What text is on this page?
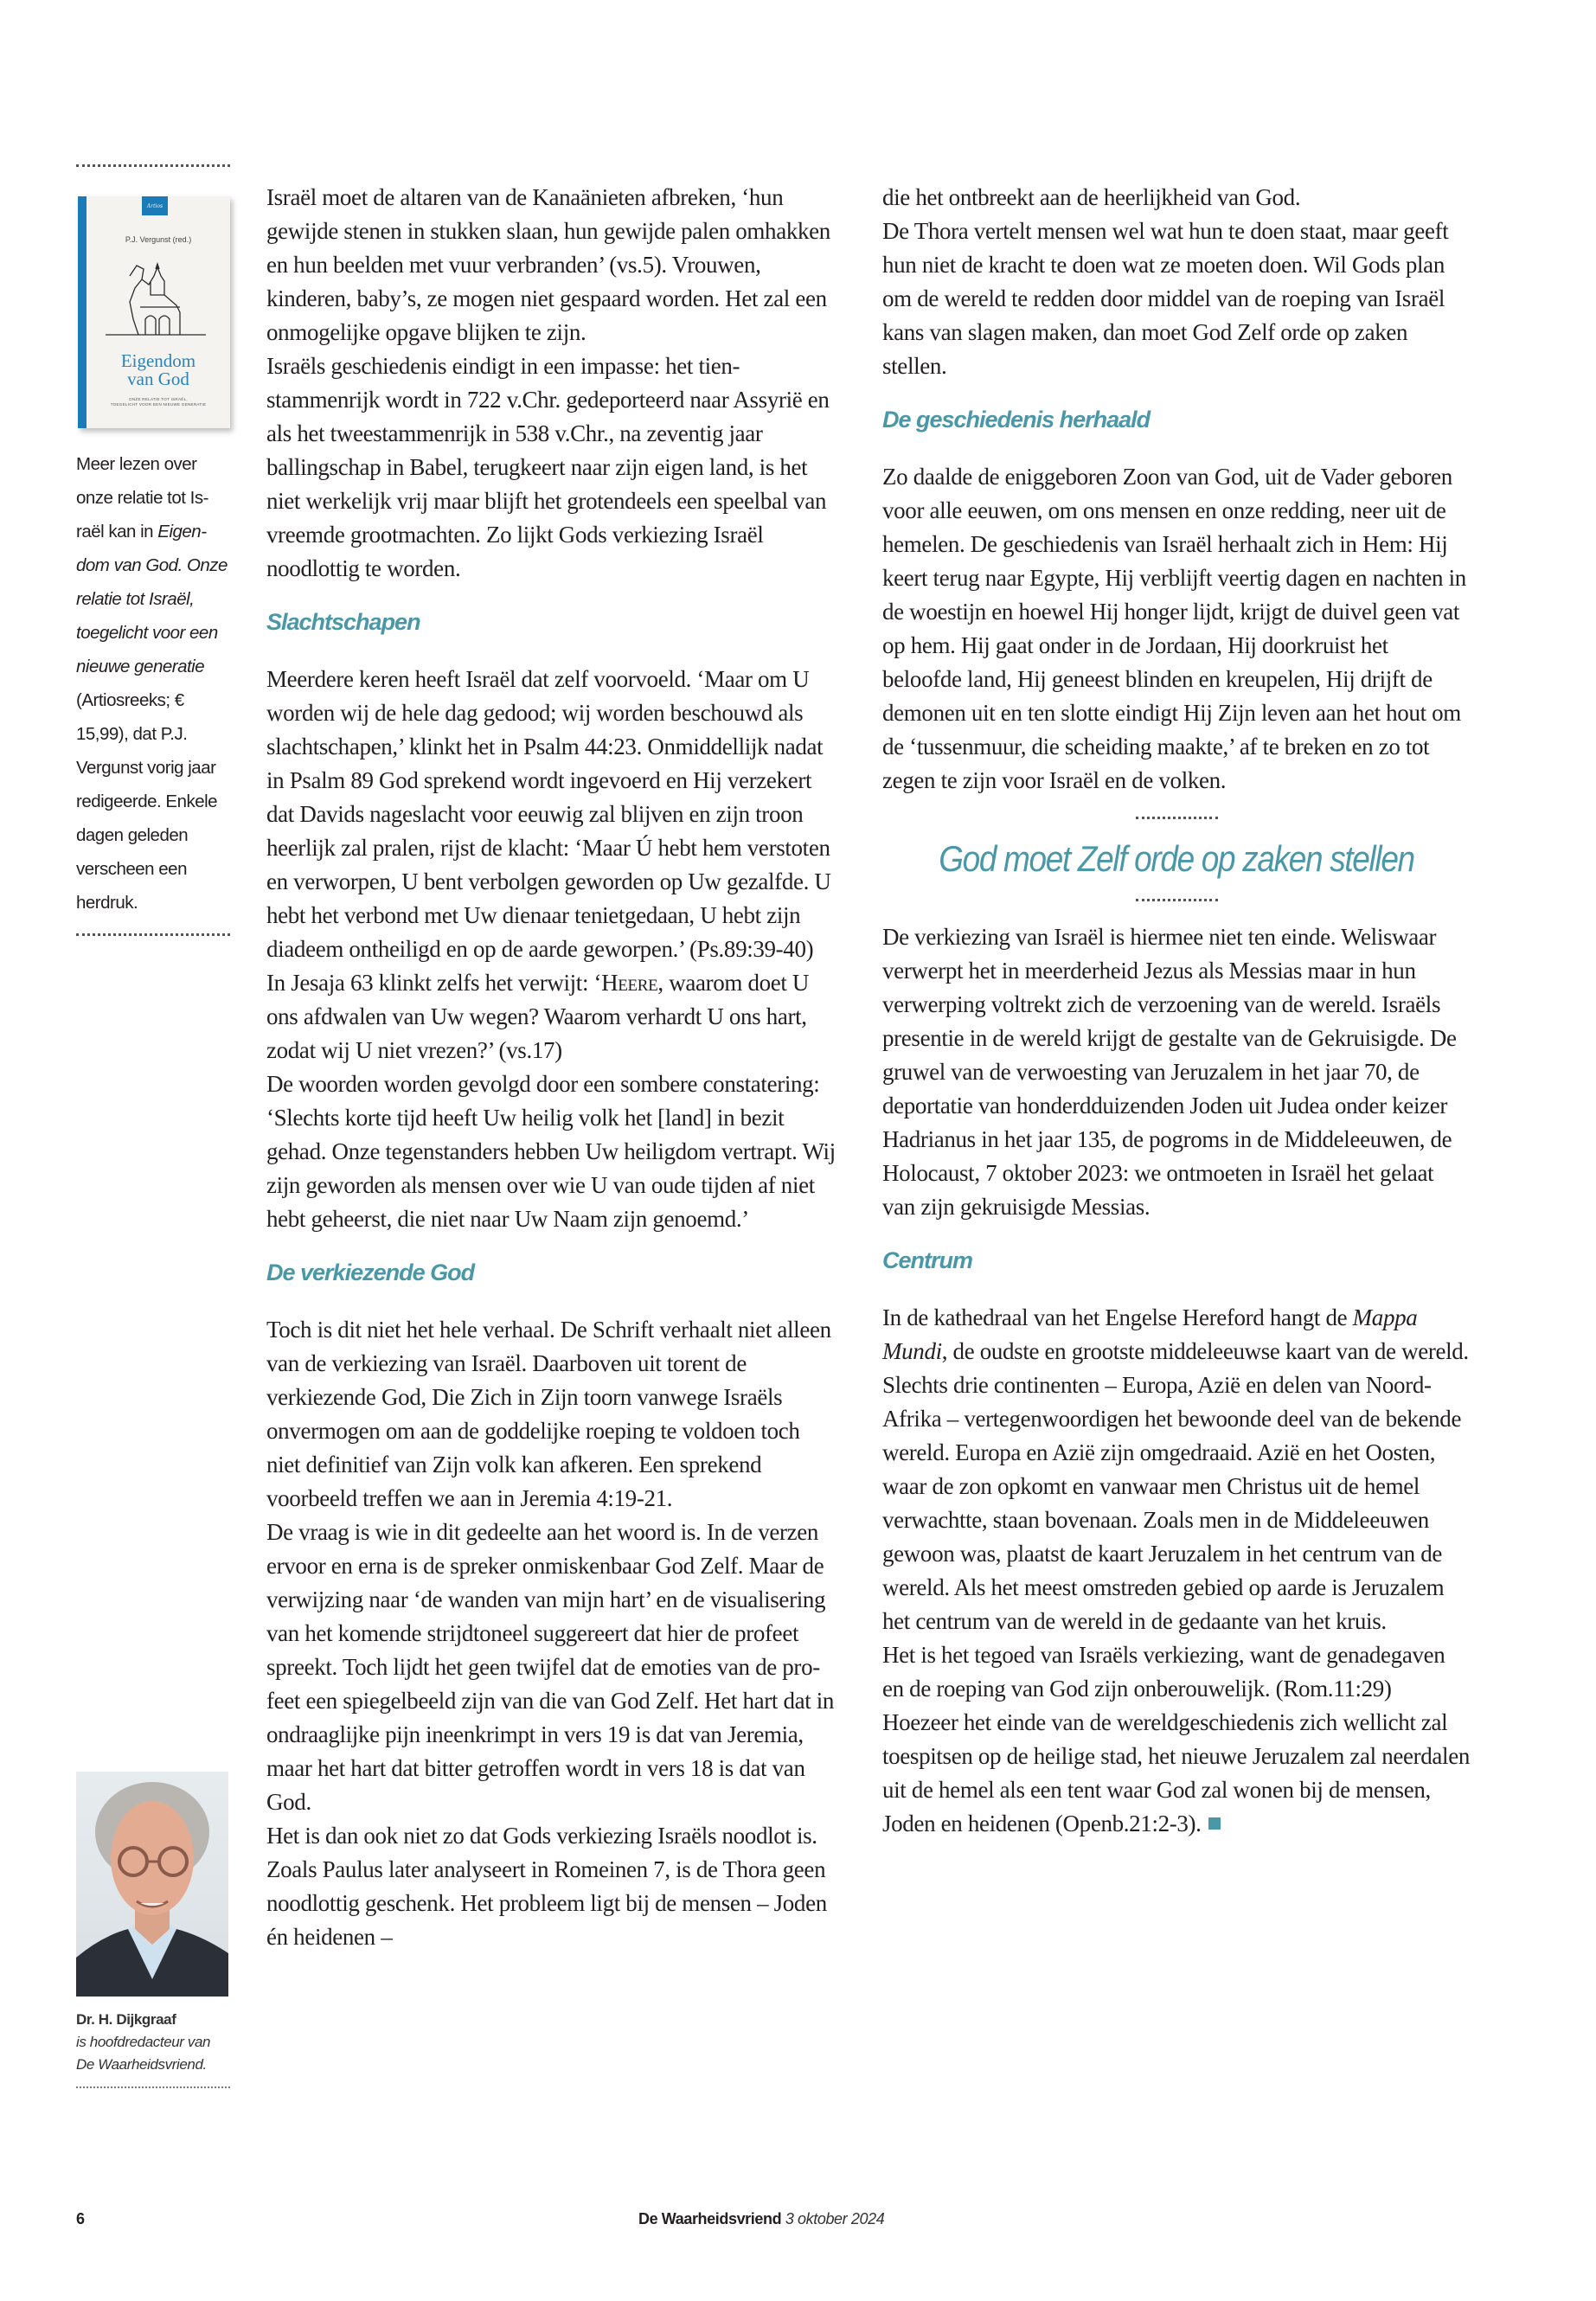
Artios
P.J. Vergunst (red.)
Eigendom
van God
ONZE RELATIE TOT ISRAËL,
TOEGELICHT VOOR EEN NIEUWE GENERATIE
Meer lezen over onze relatie tot Israël kan in Eigendom van God. Onze relatie tot Israël, toegelicht voor een nieuwe generatie (Artiosreeks; € 15,99), dat P.J. Vergunst vorig jaar redigeerde. Enkele dagen geleden verscheen een herdruk.
Dr. H. Dijkgraaf
is hoofdredacteur van De Waarheidsvriend.

Israël moet de altaren van de Kanaänieten afbreken, ‘hun gewijde stenen in stukken slaan, hun gewijde palen omhakken en hun beelden met vuur verbranden’ (vs.5). Vrouwen, kinderen, baby’s, ze mogen niet gespaard worden. Het zal een onmogelijke opgave blijken te zijn.

Israëls geschiedenis eindigt in een impasse: het tienstammenrijk wordt in 722 v.Chr. gedeporteerd naar Assyrië en als het tweestammenrijk in 538 v.Chr., na zeventig jaar ballingschap in Babel, terugkeert naar zijn eigen land, is het niet werkelijk vrij maar blijft het grotendeels een speelbal van vreemde grootmachten. Zo lijkt Gods verkiezing Israël noodlottig te worden.

Slachtschapen

Meerdere keren heeft Israël dat zelf voorvoeld. ‘Maar om U worden wij de hele dag gedood; wij worden beschouwd als slachtschapen,’ klinkt het in Psalm 44:23. Onmiddellijk nadat in Psalm 89 God sprekend wordt ingevoerd en Hij verzekert dat Davids nageslacht voor eeuwig zal blijven en zijn troon heerlijk zal pralen, rijst de klacht: ‘Maar Ú hebt hem verstoten en verworpen, U bent verbolgen geworden op Uw gezalfde. U hebt het verbond met Uw dienaar tenietgedaan, U hebt zijn diadeem ontheiligd en op de aarde geworpen.’ (Ps.89:39-40)

In Jesaja 63 klinkt zelfs het verwijt: ‘Heere, waarom doet U ons afdwalen van Uw wegen? Waarom verhardt U ons hart, zodat wij U niet vrezen?’ (vs.17)

De woorden worden gevolgd door een sombere constatering: ‘Slechts korte tijd heeft Uw heilig volk het [land] in bezit gehad. Onze tegenstanders hebben Uw heiligdom vertrapt. Wij zijn geworden als mensen over wie U van oude tijden af niet hebt geheerst, die niet naar Uw Naam zijn genoemd.’

De verkiezende God

Toch is dit niet het hele verhaal. De Schrift verhaalt niet alleen van de verkiezing van Israël. Daarboven uit torent de verkiezende God, Die Zich in Zijn toorn vanwege Israëls onvermogen om aan de goddelijke roeping te voldoen toch niet definitief van Zijn volk kan afkeren. Een sprekend voorbeeld treffen we aan in Jeremia 4:19-21.

De vraag is wie in dit gedeelte aan het woord is. In de verzen ervoor en erna is de spreker onmiskenbaar God Zelf. Maar de verwijzing naar ‘de wanden van mijn hart’ en de visualisering van het komende strijdtoneel suggereert dat hier de profeet spreekt. Toch lijdt het geen twijfel dat de emoties van de profeet een spiegelbeeld zijn van die van God Zelf. Het hart dat in ondraaglijke pijn ineenkrimpt in vers 19 is dat van Jeremia, maar het hart dat bitter getroffen wordt in vers 18 is dat van God.

Het is dan ook niet zo dat Gods verkiezing Israëls noodlot is. Zoals Paulus later analyseert in Romeinen 7, is de Thora geen noodlottig geschenk. Het probleem ligt bij de mensen – Joden én heidenen –

die het ontbreekt aan de heerlijkheid van God.

De Thora vertelt mensen wel wat hun te doen staat, maar geeft hun niet de kracht te doen wat ze moeten doen. Wil Gods plan om de wereld te redden door middel van de roeping van Israël kans van slagen maken, dan moet God Zelf orde op zaken stellen.

De geschiedenis herhaald

Zo daalde de eniggeboren Zoon van God, uit de Vader geboren voor alle eeuwen, om ons mensen en onze redding, neer uit de hemelen. De geschiedenis van Israël herhaalt zich in Hem: Hij keert terug naar Egypte, Hij verblijft veertig dagen en nachten in de woestijn en hoewel Hij honger lijdt, krijgt de duivel geen vat op hem. Hij gaat onder in de Jordaan, Hij doorkruist het beloofde land, Hij geneest blinden en kreupelen, Hij drijft de demonen uit en ten slotte eindigt Hij Zijn leven aan het hout om de ‘tussenmuur, die scheiding maakte,’ af te breken en zo tot zegen te zijn voor Israël en de volken.

God moet Zelf orde op zaken stellen

De verkiezing van Israël is hiermee niet ten einde. Weliswaar verwerpt het in meerderheid Jezus als Messias maar in hun verwerping voltrekt zich de verzoening van de wereld. Israëls presentie in de wereld krijgt de gestalte van de Gekruisigde. De gruwel van de verwoesting van Jeruzalem in het jaar 70, de deportatie van honderdduizenden Joden uit Judea onder keizer Hadrianus in het jaar 135, de pogroms in de Middeleeuwen, de Holocaust, 7 oktober 2023: we ontmoeten in Israël het gelaat van zijn gekruisigde Messias.

Centrum

In de kathedraal van het Engelse Hereford hangt de Mappa Mundi, de oudste en grootste middeleeuwse kaart van de wereld. Slechts drie continenten – Europa, Azië en delen van Noord-Afrika – vertegenwoordigen het bewoonde deel van de bekende wereld. Europa en Azië zijn omgedraaid. Azië en het Oosten, waar de zon opkomt en vanwaar men Christus uit de hemel verwachtte, staan bovenaan. Zoals men in de Middeleeuwen gewoon was, plaatst de kaart Jeruzalem in het centrum van de wereld. Als het meest omstreden gebied op aarde is Jeruzalem het centrum van de wereld in de gedaante van het kruis.

Het is het tegoed van Israëls verkiezing, want de genadegaven en de roeping van God zijn onberouwelijk. (Rom.11:29) Hoezeer het einde van de wereldgeschiedenis zich wellicht zal toespitsen op de heilige stad, het nieuwe Jeruzalem zal neerdalen uit de hemel als een tent waar God zal wonen bij de mensen, Joden en heidenen (Openb.21:2-3).

6	De Waarheidsvriend 3 oktober 2024
